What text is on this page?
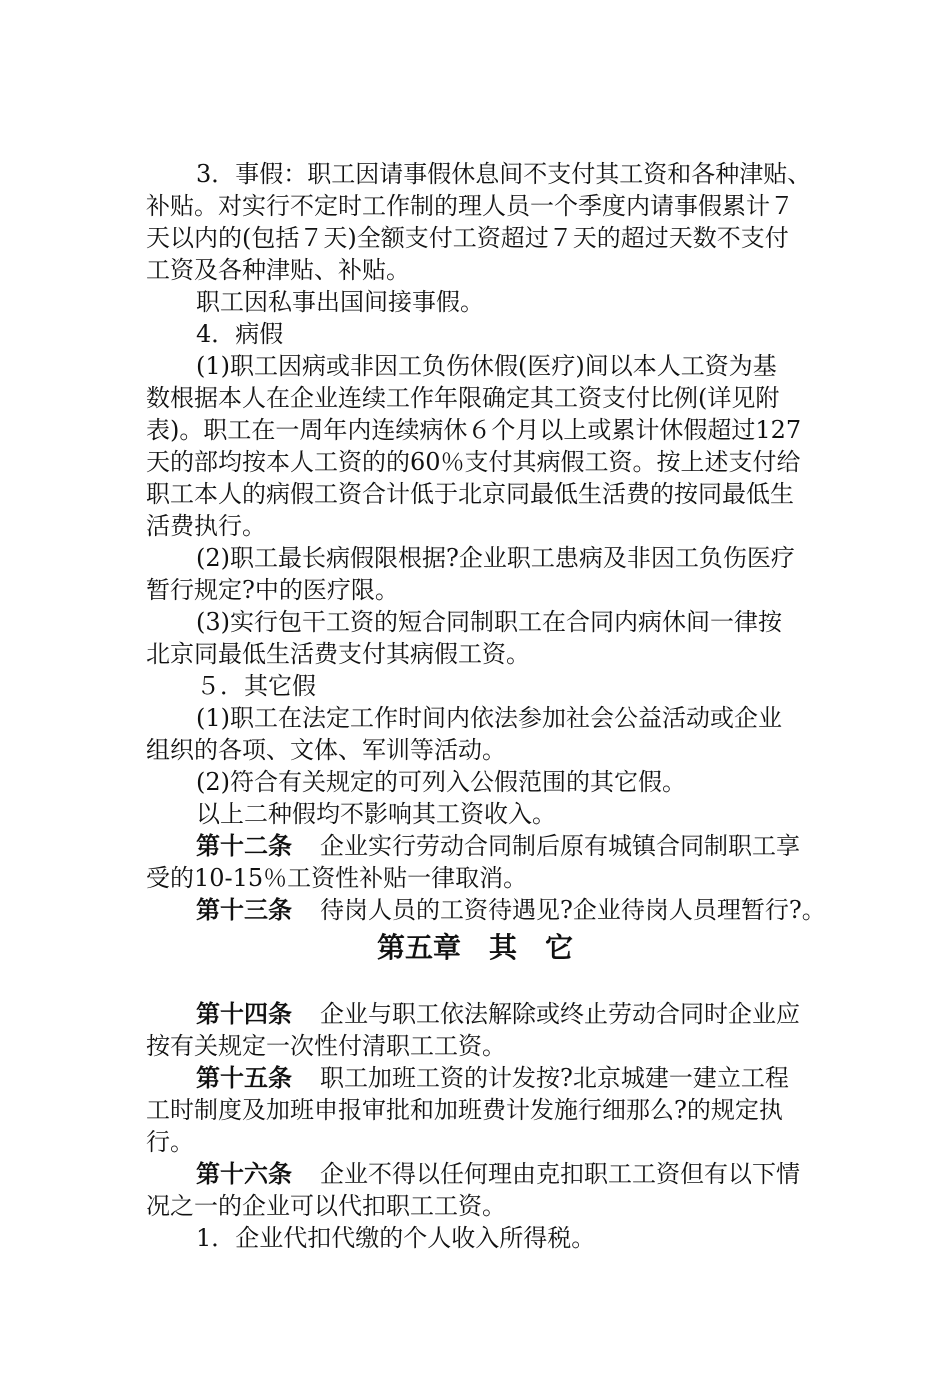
3．事假：职工因请事假休息间不支付其工资和各种津贴、
补贴。对实行不定时工作制的理人员一个季度内请事假累计７
天以内的(包括７天)全额支付工资超过７天的超过天数不支付
工资及各种津贴、补贴。
职工因私事出国间接事假。
4．病假
(1)职工因病或非因工负伤休假(医疗)间以本人工资为基
数根据本人在企业连续工作年限确定其工资支付比例(详见附
表)。职工在一周年内连续病休６个月以上或累计休假超过127
天的部均按本人工资的的60％支付其病假工资。按上述支付给
职工本人的病假工资合计低于北京同最低生活费的按同最低生
活费执行。
(2)职工最长病假限根据?企业职工患病及非因工负伤医疗
暂行规定?中的医疗限。
(3)实行包干工资的短合同制职工在合同内病休间一律按
北京同最低生活费支付其病假工资。
５．其它假
(1)职工在法定工作时间内依法参加社会公益活动或企业
组织的各项、文体、军训等活动。
(2)符合有关规定的可列入公假范围的其它假。
以上二种假均不影响其工资收入。
第十二条 企业实行劳动合同制后原有城镇合同制职工享
受的10-15％工资性补贴一律取消。
第十三条 待岗人员的工资待遇见?企业待岗人员理暂行?。
第五章 其 它
第十四条 企业与职工依法解除或终止劳动合同时企业应
按有关规定一次性付清职工工资。
第十五条 职工加班工资的计发按?北京城建一建立工程
工时制度及加班申报审批和加班费计发施行细那么?的规定执
行。
第十六条 企业不得以任何理由克扣职工工资但有以下情
况之一的企业可以代扣职工工资。
1．企业代扣代缴的个人收入所得税。
